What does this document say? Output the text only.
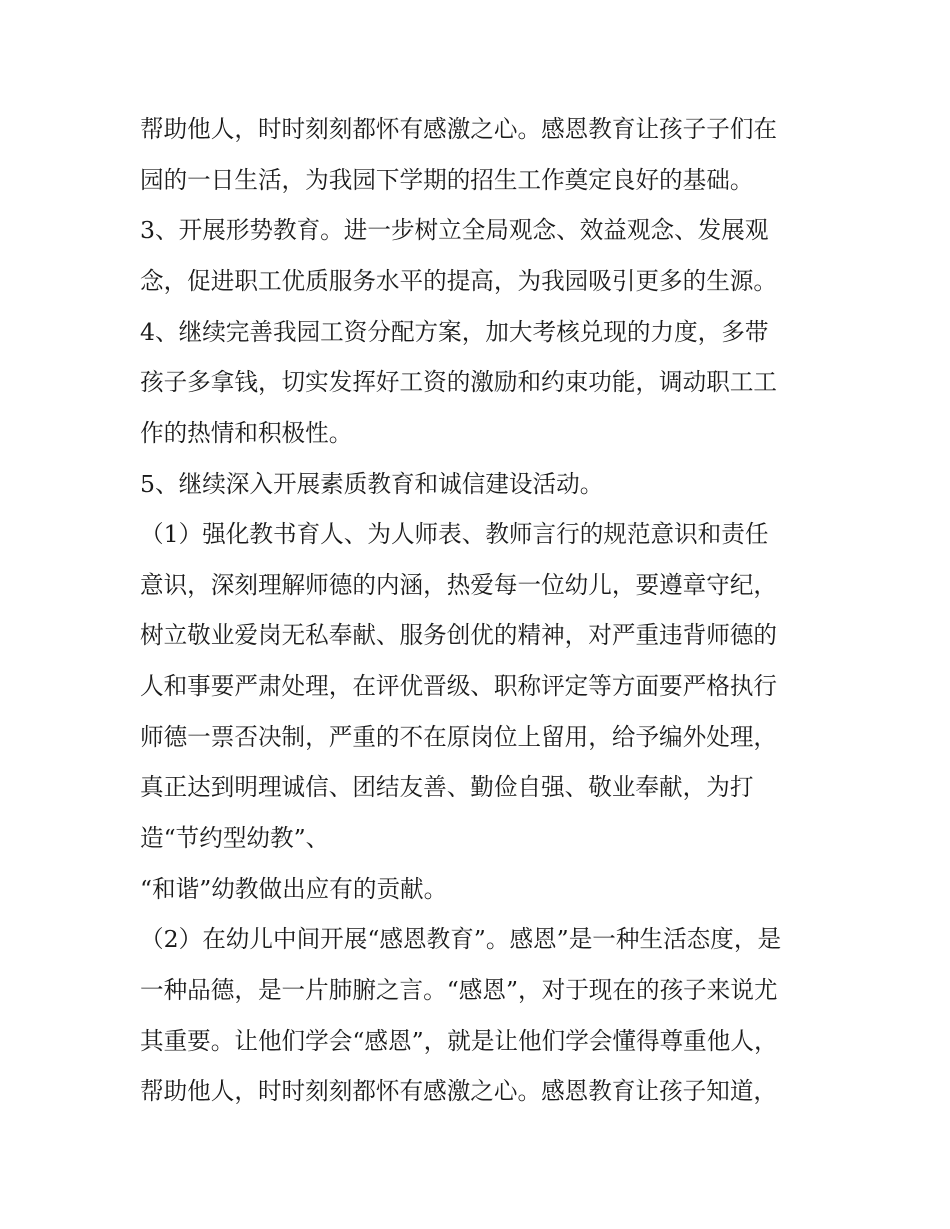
帮助他人，时时刻刻都怀有感激之心。感恩教育让孩子子们在
园的一日生活，为我园下学期的招生工作奠定良好的基础。
3、开展形势教育。进一步树立全局观念、效益观念、发展观
念，促进职工优质服务水平的提高，为我园吸引更多的生源。
4、继续完善我园工资分配方案，加大考核兑现的力度，多带
孩子多拿钱，切实发挥好工资的激励和约束功能，调动职工工
作的热情和积极性。
5、继续深入开展素质教育和诚信建设活动。
（1）强化教书育人、为人师表、教师言行的规范意识和责任
意识，深刻理解师德的内涵，热爱每一位幼儿，要遵章守纪，
树立敬业爱岗无私奉献、服务创优的精神，对严重违背师德的
人和事要严肃处理，在评优晋级、职称评定等方面要严格执行
师德一票否决制，严重的不在原岗位上留用，给予编外处理，
真正达到明理诚信、团结友善、勤俭自强、敬业奉献，为打
造“节约型幼教”、
“和谐”幼教做出应有的贡献。
（2）在幼儿中间开展“感恩教育”。感恩”是一种生活态度，是
一种品德，是一片肺腑之言。“感恩”，对于现在的孩子来说尤
其重要。让他们学会“感恩”，就是让他们学会懂得尊重他人，
帮助他人，时时刻刻都怀有感激之心。感恩教育让孩子知道，
